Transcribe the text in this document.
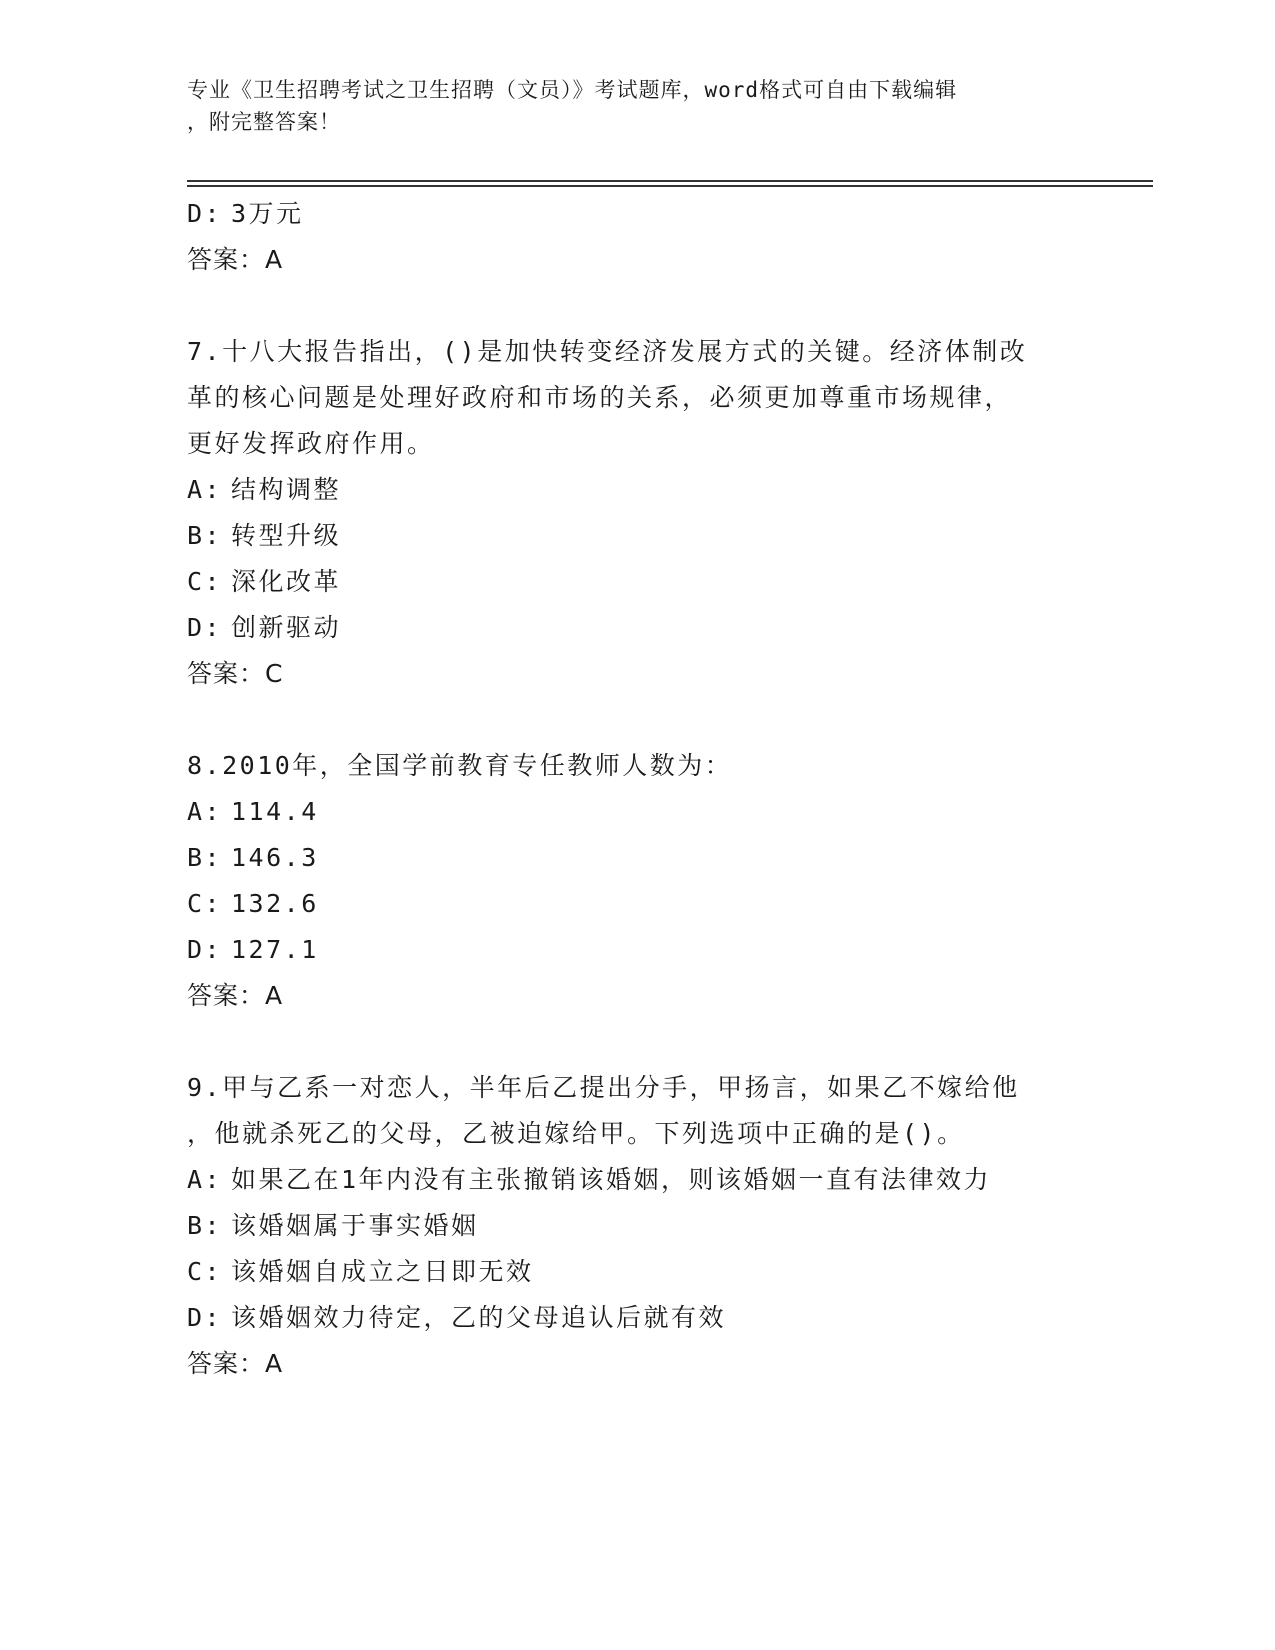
专业《卫生招聘考试之卫生招聘（文员）》考试题库，word格式可自由下载编辑
，附完整答案！
D: 3万元
答案：A
7.十八大报告指出，()是加快转变经济发展方式的关键。经济体制改
革的核心问题是处理好政府和市场的关系，必须更加尊重市场规律，
更好发挥政府作用。
A: 结构调整
B: 转型升级
C: 深化改革
D: 创新驱动
答案：C
8.2010年，全国学前教育专任教师人数为：
A: 114.4
B: 146.3
C: 132.6
D: 127.1
答案：A
9.甲与乙系一对恋人，半年后乙提出分手，甲扬言，如果乙不嫁给他
，他就杀死乙的父母，乙被迫嫁给甲。下列选项中正确的是()。
A: 如果乙在1年内没有主张撤销该婚姻，则该婚姻一直有法律效力
B: 该婚姻属于事实婚姻
C: 该婚姻自成立之日即无效
D: 该婚姻效力待定，乙的父母追认后就有效
答案：A
